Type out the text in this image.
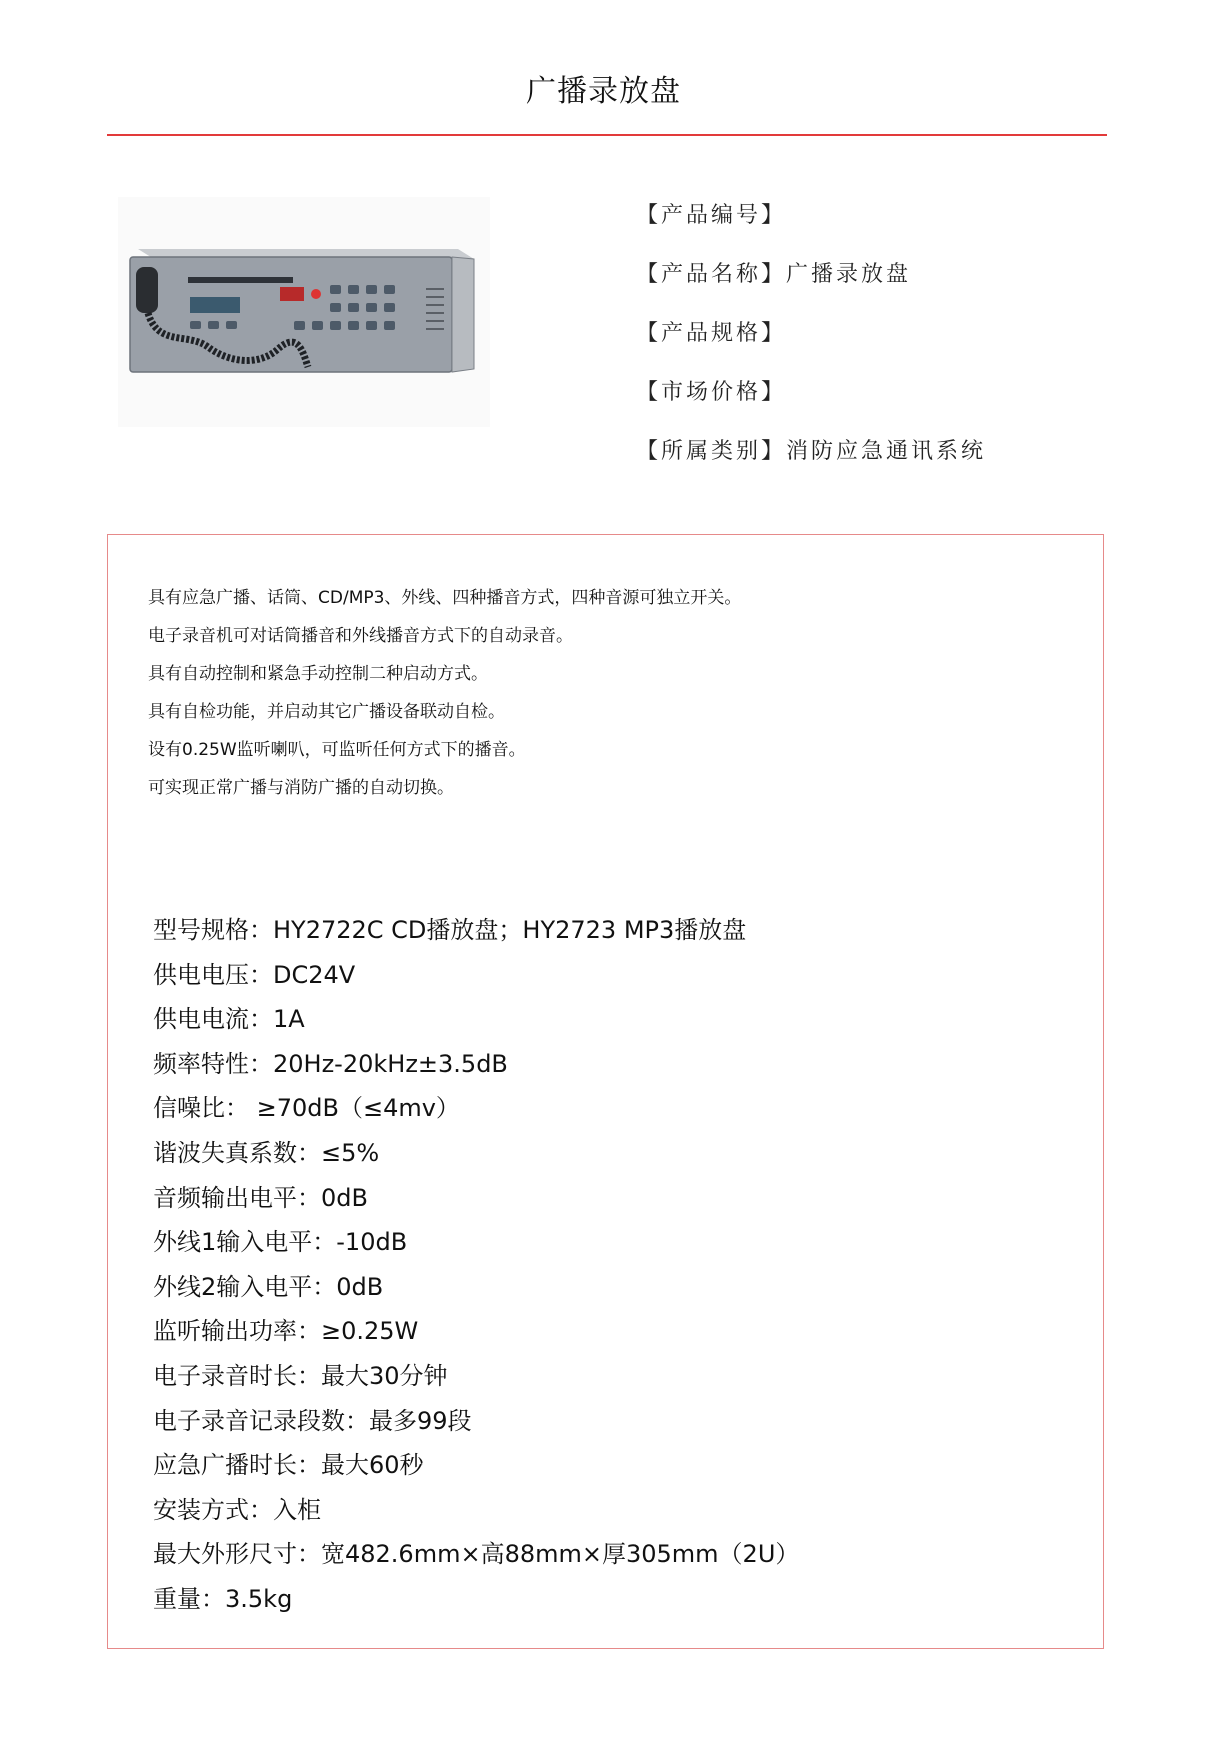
广播录放盘
【产品编号】
【产品名称】广播录放盘
【产品规格】
【市场价格】
【所属类别】消防应急通讯系统
具有应急广播、话筒、CD/MP3、外线、四种播音方式，四种音源可独立开关。
电子录音机可对话筒播音和外线播音方式下的自动录音。
具有自动控制和紧急手动控制二种启动方式。
具有自检功能，并启动其它广播设备联动自检。
设有0.25W监听喇叭，可监听任何方式下的播音。
可实现正常广播与消防广播的自动切换。
型号规格：HY2722C CD播放盘；HY2723 MP3播放盘
供电电压：DC24V
供电电流：1A
频率特性：20Hz-20kHz±3.5dB
信噪比： ≥70dB（≤4mv）
谐波失真系数：≤5%
音频输出电平：0dB
外线1输入电平：-10dB
外线2输入电平：0dB
监听输出功率：≥0.25W
电子录音时长：最大30分钟
电子录音记录段数：最多99段
应急广播时长：最大60秒
安装方式：入柜
最大外形尺寸：宽482.6mm×高88mm×厚305mm（2U）
重量：3.5kg
